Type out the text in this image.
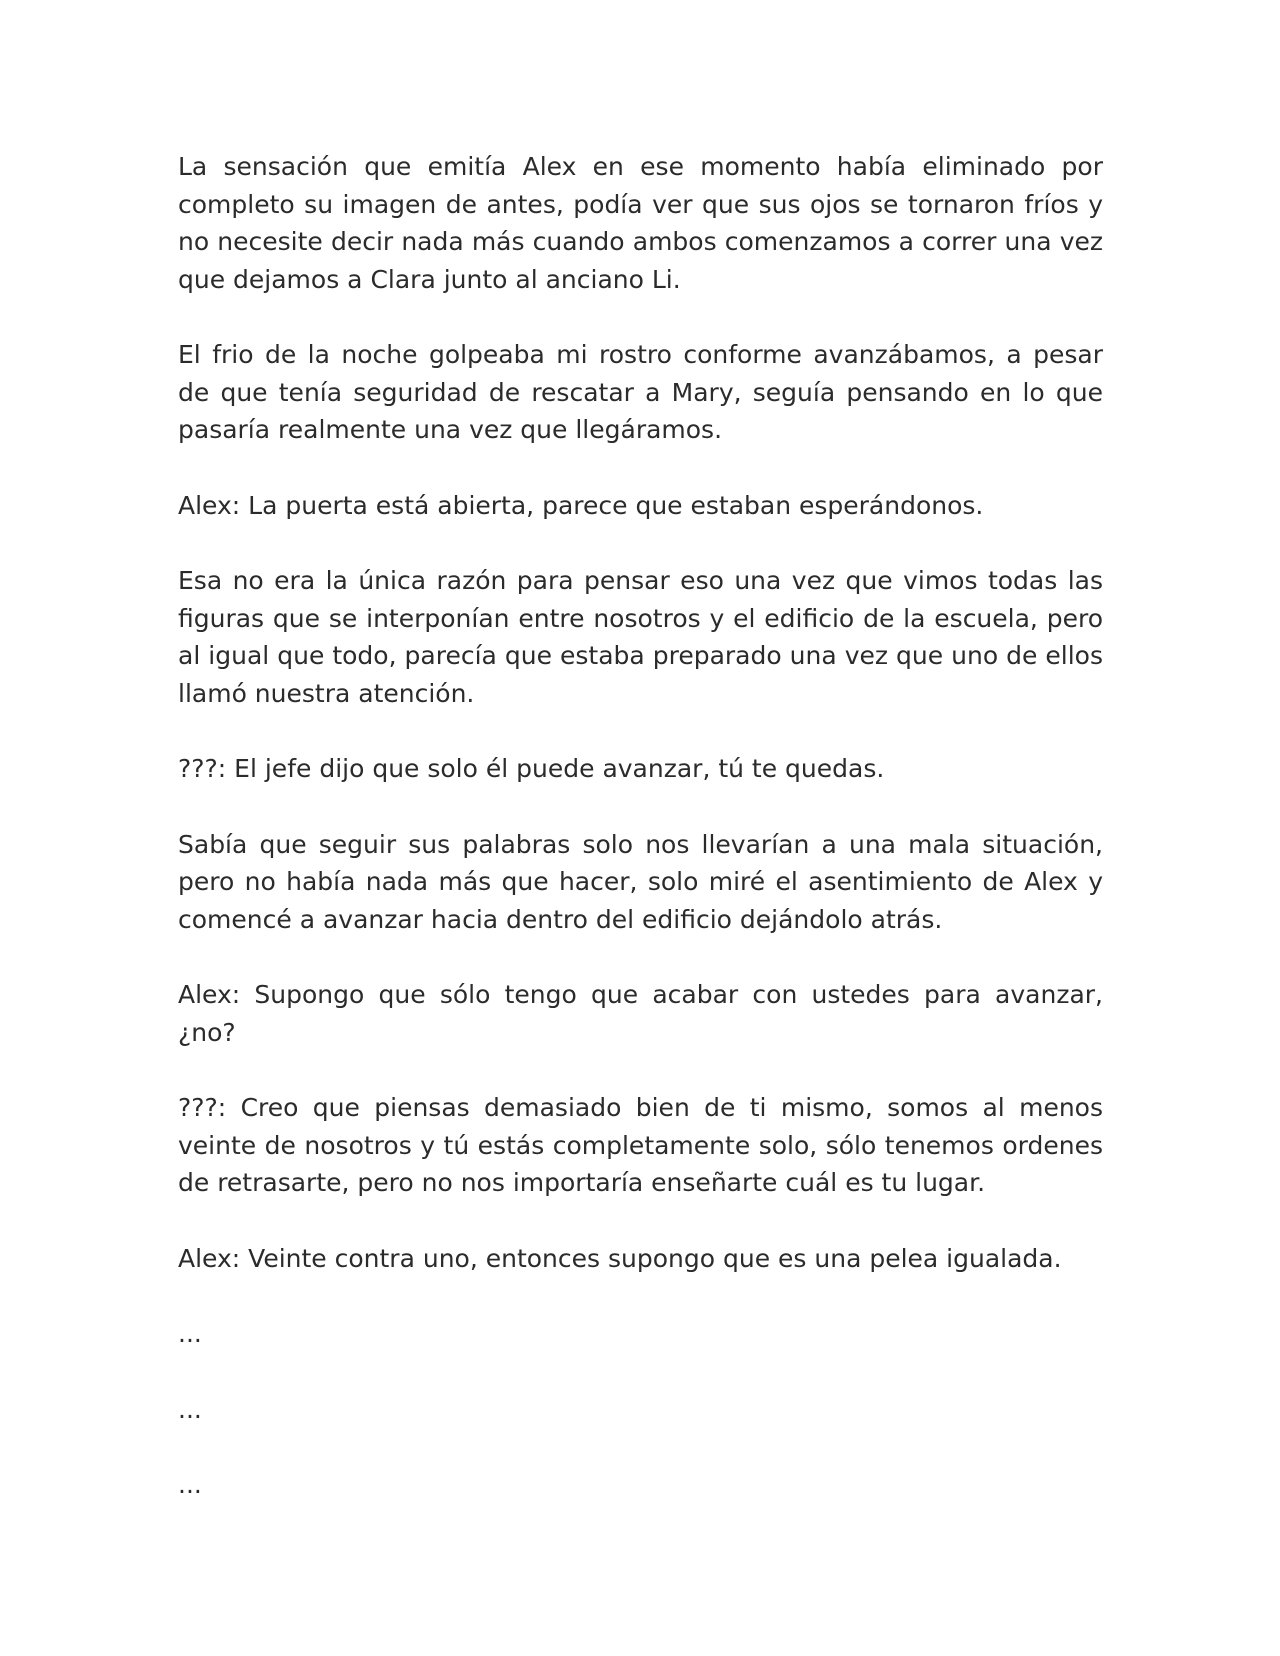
La sensación que emitía Alex en ese momento había eliminado por completo su imagen de antes, podía ver que sus ojos se tornaron fríos y no necesite decir nada más cuando ambos comenzamos a correr una vez que dejamos a Clara junto al anciano Li.

El frio de la noche golpeaba mi rostro conforme avanzábamos, a pesar de que tenía seguridad de rescatar a Mary, seguía pensando en lo que pasaría realmente una vez que llegáramos.

Alex: La puerta está abierta, parece que estaban esperándonos.

Esa no era la única razón para pensar eso una vez que vimos todas las figuras que se interponían entre nosotros y el edificio de la escuela, pero al igual que todo, parecía que estaba preparado una vez que uno de ellos llamó nuestra atención.

???: El jefe dijo que solo él puede avanzar, tú te quedas.

Sabía que seguir sus palabras solo nos llevarían a una mala situación, pero no había nada más que hacer, solo miré el asentimiento de Alex y comencé a avanzar hacia dentro del edificio dejándolo atrás.

Alex: Supongo que sólo tengo que acabar con ustedes para avanzar, ¿no?

???: Creo que piensas demasiado bien de ti mismo, somos al menos veinte de nosotros y tú estás completamente solo, sólo tenemos ordenes de retrasarte, pero no nos importaría enseñarte cuál es tu lugar.

Alex: Veinte contra uno, entonces supongo que es una pelea igualada.

...

...

...
